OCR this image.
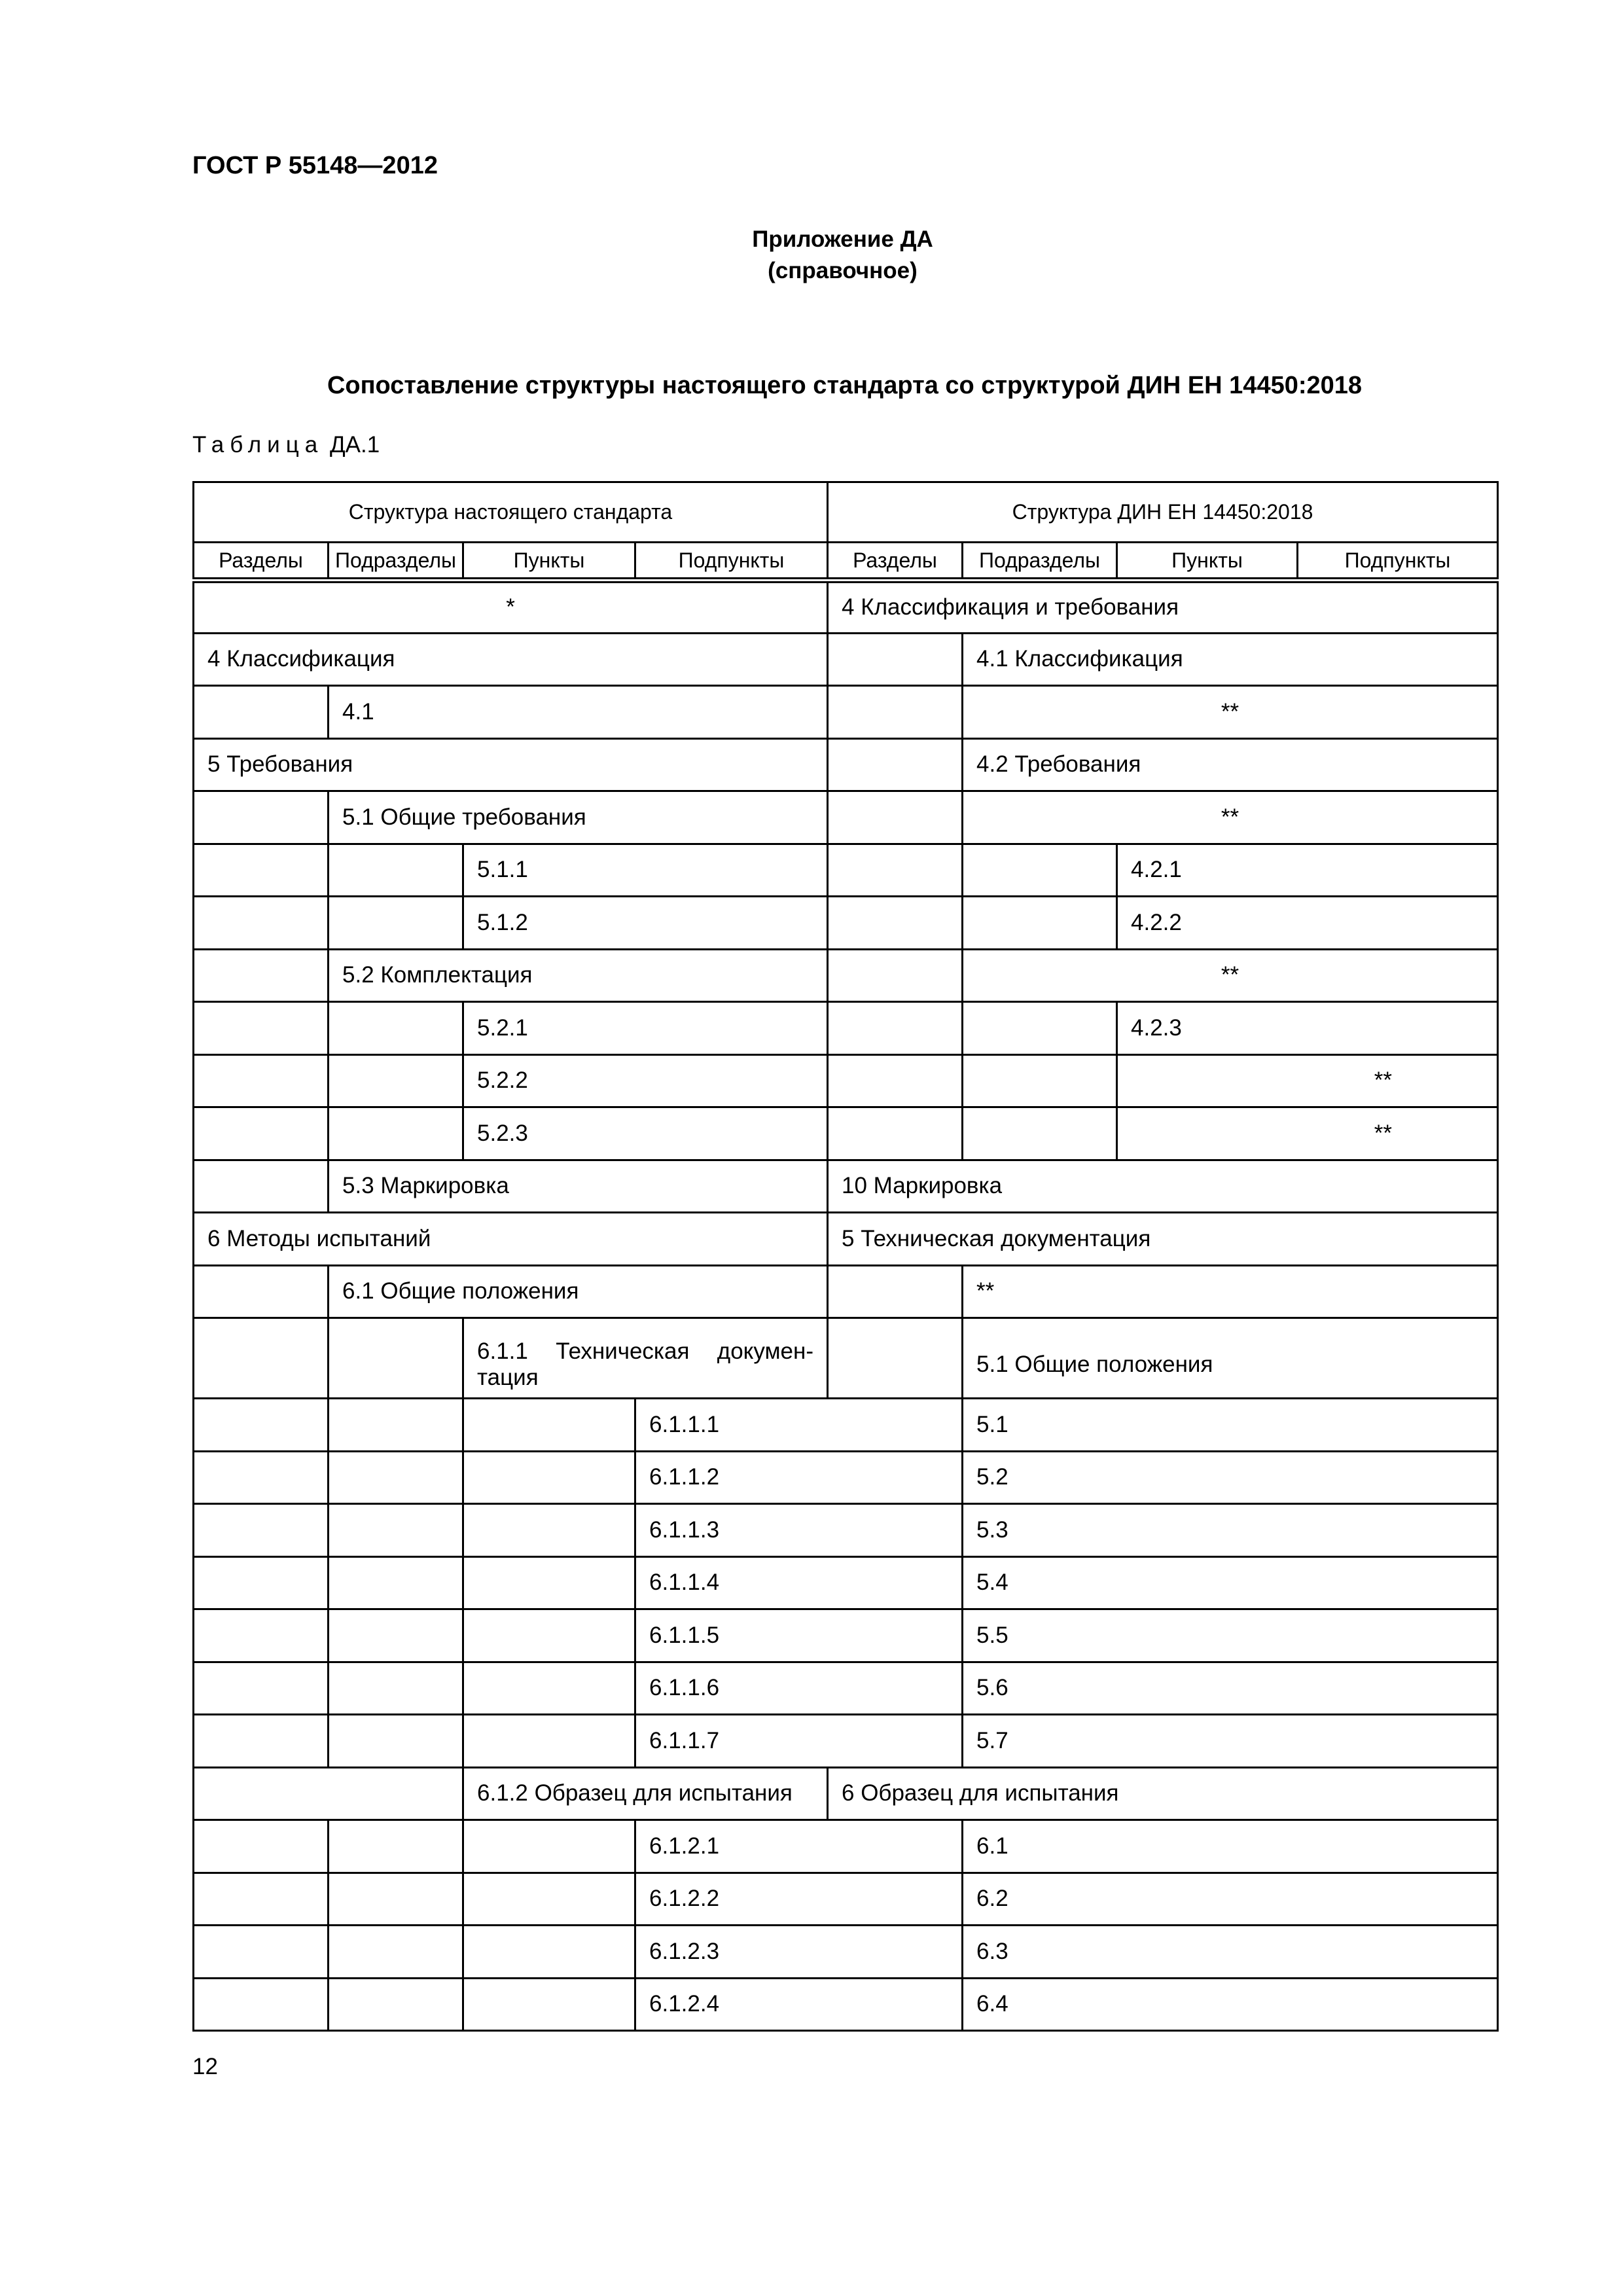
ГОСТ Р 55148—2012
Приложение ДА
(справочное)
Сопоставление структуры настоящего стандарта со структурой ДИН ЕН 14450:2018
Таблица ДА.1
Структура настоящего стандарта				Структура ДИН ЕН 14450:2018			
Разделы	Подразделы	Пункты	Подпункты	Разделы	Подразделы	Пункты	Подпункты
*				4 Классификация и требования			
4 Классификация					4.1 Классификация		
	4.1				**		
5 Требования					4.2 Требования		
	5.1 Общие требования				**		
		5.1.1				4.2.1	
		5.1.2				4.2.2	
	5.2 Комплектация				**		
		5.2.1				4.2.3	
		5.2.2				**	
		5.2.3				**	
	5.3 Маркировка			10 Маркировка			
6 Методы испытаний				5 Техническая документация			
	6.1 Общие положения				**		
		6.1.1 Техническая докумен-тация			5.1 Общие положения		
			6.1.1.1		5.1		
			6.1.1.2		5.2		
			6.1.1.3		5.3		
			6.1.1.4		5.4		
			6.1.1.5		5.5		
			6.1.1.6		5.6		
			6.1.1.7		5.7		
		6.1.2 Образец для испытания		6 Образец для испытания			
			6.1.2.1		6.1		
			6.1.2.2		6.2		
			6.1.2.3		6.3		
			6.1.2.4		6.4		
12
